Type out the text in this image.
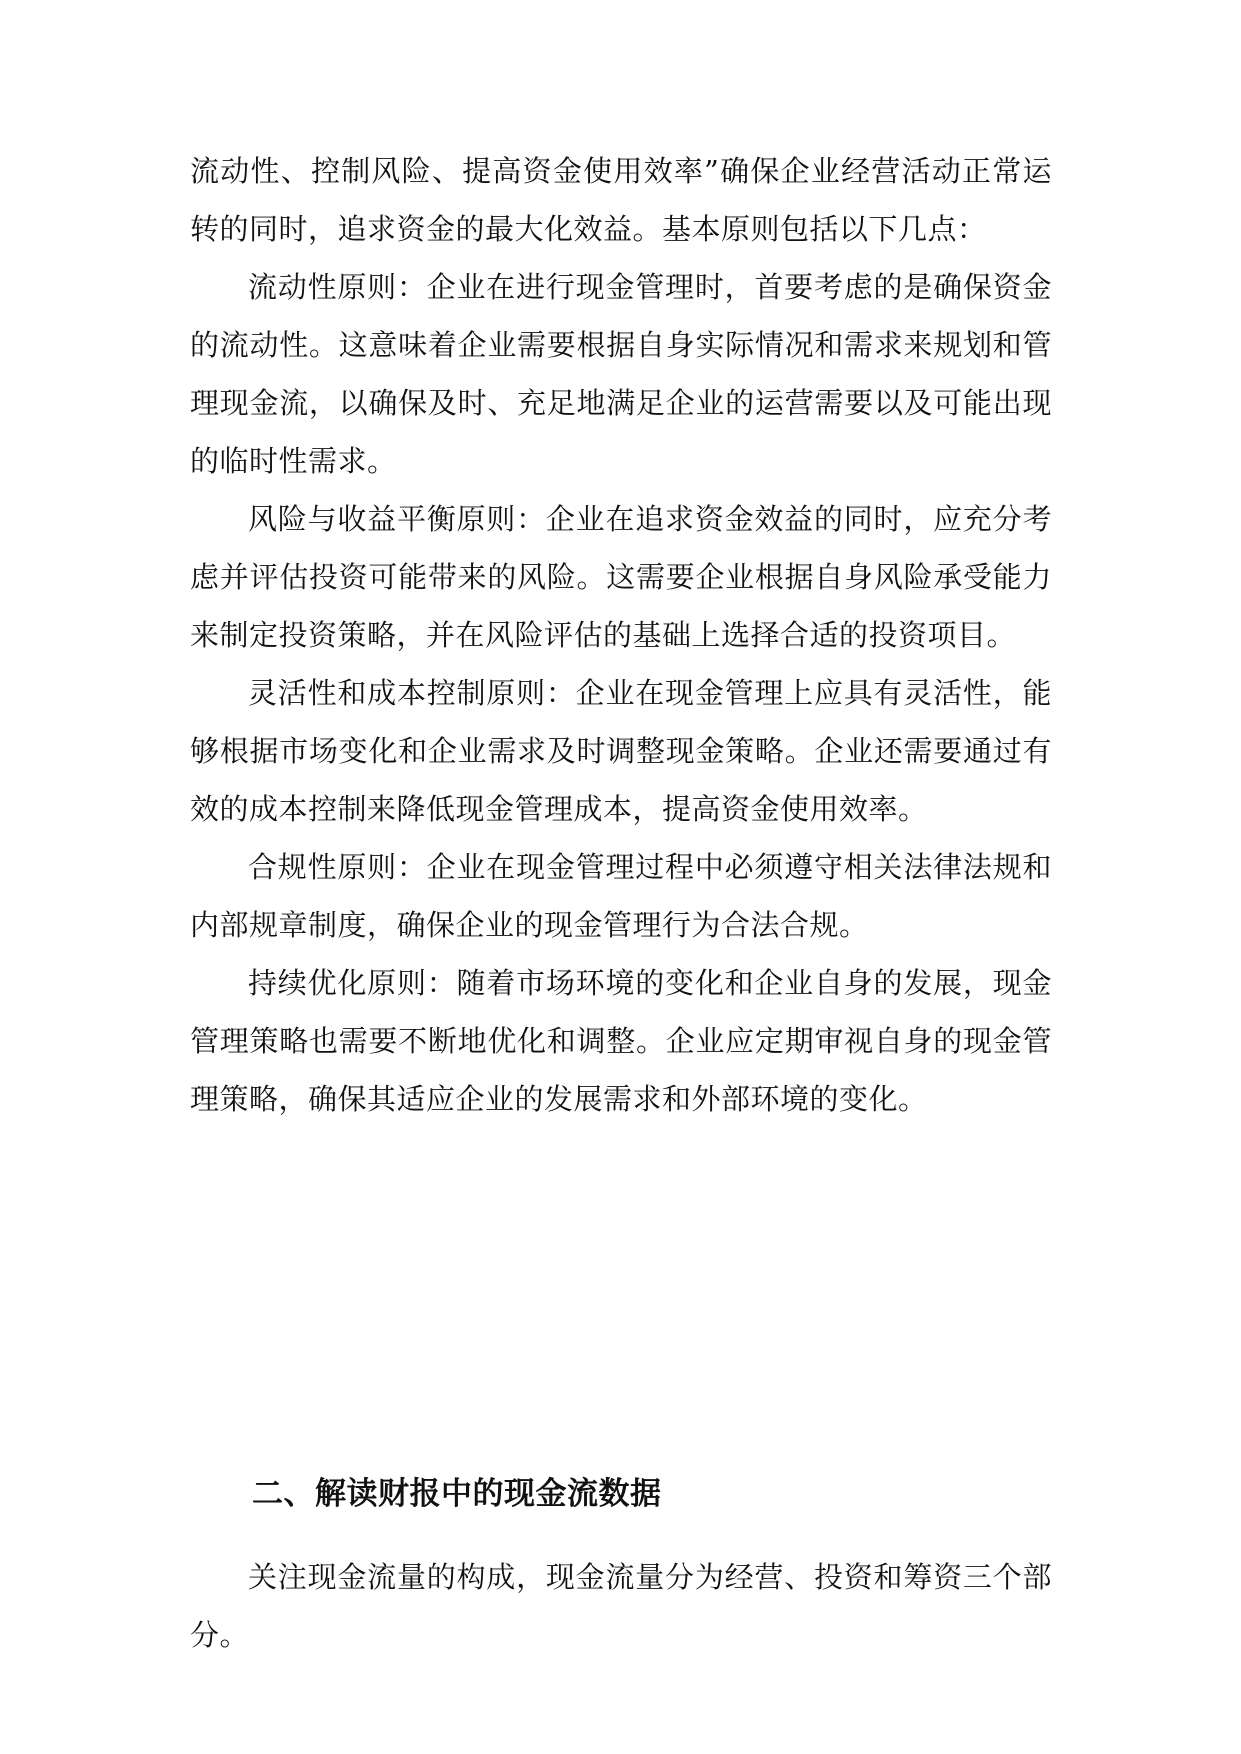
流动性、控制风险、提高资金使用效率”确保企业经营活动正常运转的同时，追求资金的最大化效益。基本原则包括以下几点：

流动性原则：企业在进行现金管理时，首要考虑的是确保资金的流动性。这意味着企业需要根据自身实际情况和需求来规划和管理现金流，以确保及时、充足地满足企业的运营需要以及可能出现的临时性需求。

风险与收益平衡原则：企业在追求资金效益的同时，应充分考虑并评估投资可能带来的风险。这需要企业根据自身风险承受能力来制定投资策略，并在风险评估的基础上选择合适的投资项目。

灵活性和成本控制原则：企业在现金管理上应具有灵活性，能够根据市场变化和企业需求及时调整现金策略。企业还需要通过有效的成本控制来降低现金管理成本，提高资金使用效率。

合规性原则：企业在现金管理过程中必须遵守相关法律法规和内部规章制度，确保企业的现金管理行为合法合规。

持续优化原则：随着市场环境的变化和企业自身的发展，现金管理策略也需要不断地优化和调整。企业应定期审视自身的现金管理策略，确保其适应企业的发展需求和外部环境的变化。

二、解读财报中的现金流数据

关注现金流量的构成，现金流量分为经营、投资和筹资三个部分。
